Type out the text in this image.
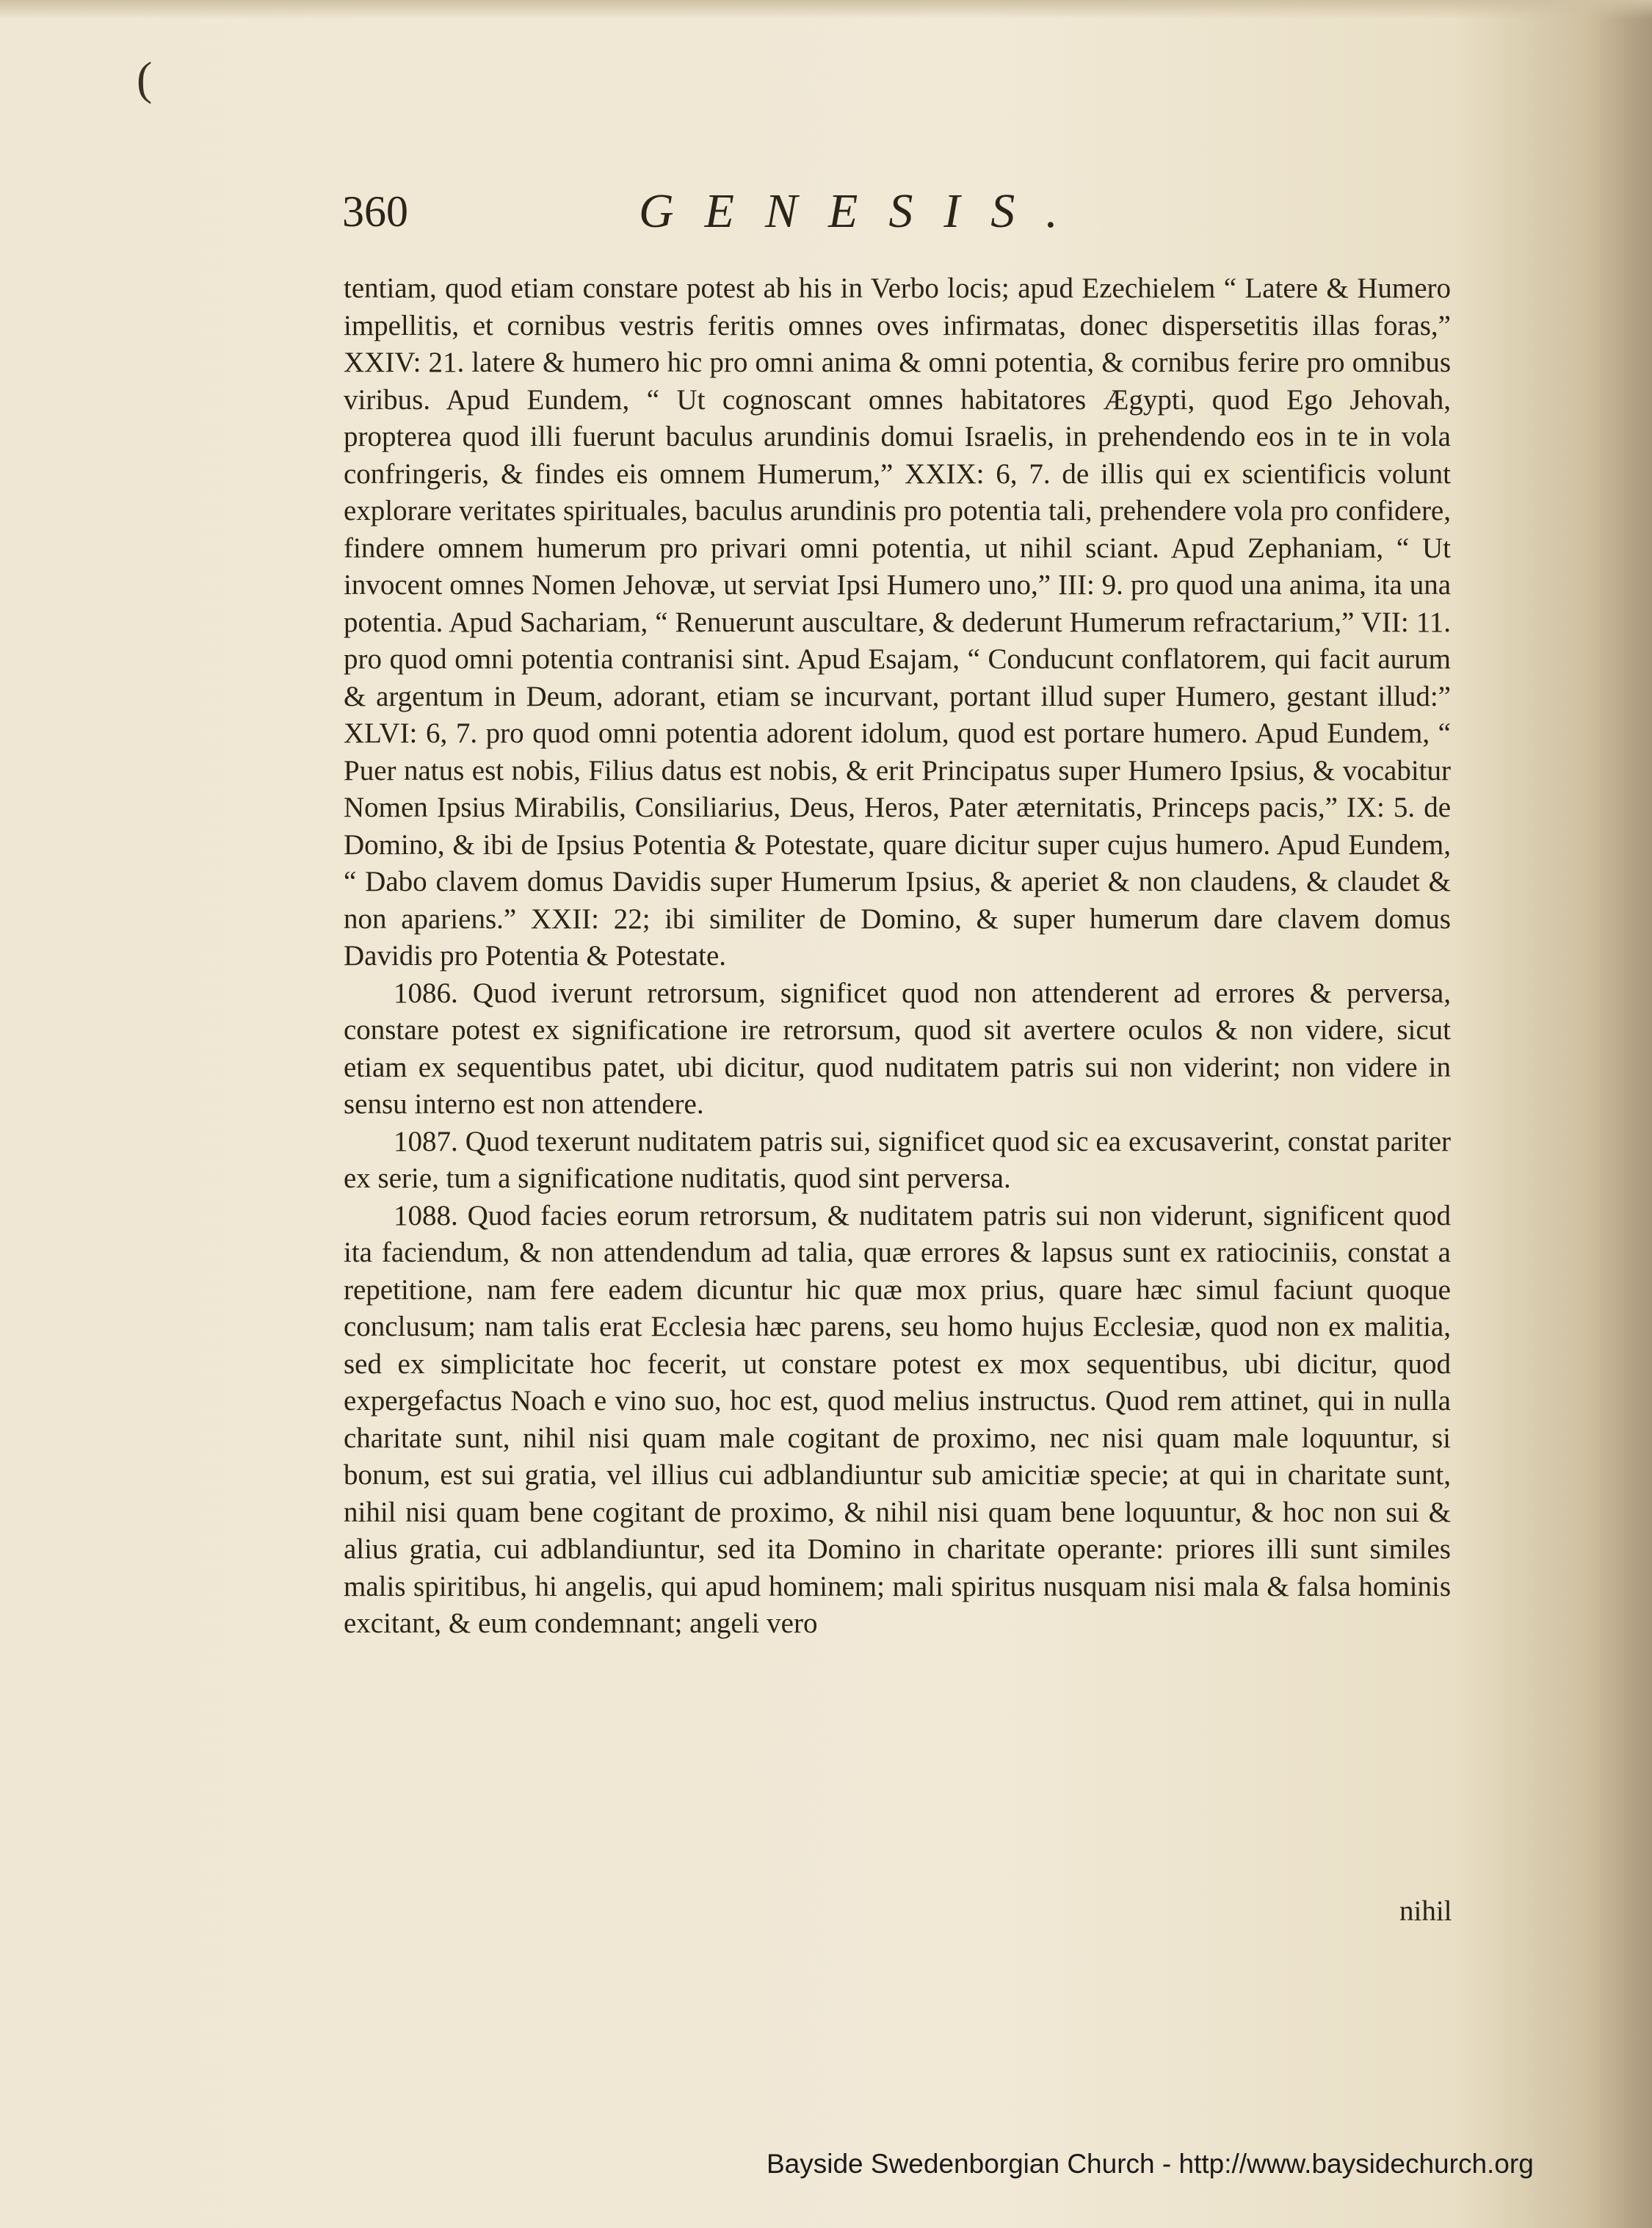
(
360	GENESIS.

tentiam, quod etiam constare potest ab his in Verbo locis; apud Ezechielem “ Latere & Humero impellitis, et cornibus vestris feritis omnes oves infirmatas, donec dispersetitis illas foras,” XXIV: 21. latere & humero hic pro omni anima & omni potentia, & cornibus ferire pro omnibus viribus. Apud Eundem, “ Ut cognoscant omnes habitatores Ægypti, quod Ego Jehovah, propterea quod illi fuerunt baculus arundinis domui Israelis, in prehendendo eos in te in vola confringeris, & findes eis omnem Humerum,” XXIX: 6, 7. de illis qui ex scientificis volunt explorare veritates spirituales, baculus arundinis pro potentia tali, prehendere vola pro confidere, findere omnem humerum pro privari omni potentia, ut nihil sciant. Apud Zephaniam, “ Ut invocent omnes Nomen Jehovæ, ut serviat Ipsi Humero uno,” III: 9. pro quod una anima, ita una potentia. Apud Sachariam, “ Renuerunt auscultare, & dederunt Humerum refractarium,” VII: 11. pro quod omni potentia contranisi sint. Apud Esajam, “ Conducunt conflatorem, qui facit aurum & argentum in Deum, adorant, etiam se incurvant, portant illud super Humero, gestant illud:” XLVI: 6, 7. pro quod omni potentia adorent idolum, quod est portare humero. Apud Eundem, “ Puer natus est nobis, Filius datus est nobis, & erit Principatus super Humero Ipsius, & vocabitur Nomen Ipsius Mirabilis, Consiliarius, Deus, Heros, Pater æternitatis, Princeps pacis,” IX: 5. de Domino, & ibi de Ipsius Potentia & Potestate, quare dicitur super cujus humero. Apud Eundem, “ Dabo clavem domus Davidis super Humerum Ipsius, & aperiet & non claudens, & claudet & non apariens.” XXII: 22; ibi similiter de Domino, & super humerum dare clavem domus Davidis pro Potentia & Potestate.

1086. Quod iverunt retrorsum, significet quod non attenderent ad errores & perversa, constare potest ex significatione ire retrorsum, quod sit avertere oculos & non videre, sicut etiam ex sequentibus patet, ubi dicitur, quod nuditatem patris sui non viderint; non videre in sensu interno est non attendere.

1087. Quod texerunt nuditatem patris sui, significet quod sic ea excusaverint, constat pariter ex serie, tum a significatione nuditatis, quod sint perversa.

1088. Quod facies eorum retrorsum, & nuditatem patris sui non viderunt, significent quod ita faciendum, & non attendendum ad talia, quæ errores & lapsus sunt ex ratiociniis, constat a repetitione, nam fere eadem dicuntur hic quæ mox prius, quare hæc simul faciunt quoque conclusum; nam talis erat Ecclesia hæc parens, seu homo hujus Ecclesiæ, quod non ex malitia, sed ex simplicitate hoc fecerit, ut constare potest ex mox sequentibus, ubi dicitur, quod expergefactus Noach e vino suo, hoc est, quod melius instructus. Quod rem attinet, qui in nulla charitate sunt, nihil nisi quam male cogitant de proximo, nec nisi quam male loquuntur, si bonum, est sui gratia, vel illius cui adblandiuntur sub amicitiæ specie; at qui in charitate sunt, nihil nisi quam bene cogitant de proximo, & nihil nisi quam bene loquuntur, & hoc non sui & alius gratia, cui adblandiuntur, sed ita Domino in charitate operante: priores illi sunt similes malis spiritibus, hi angelis, qui apud hominem; mali spiritus nusquam nisi mala & falsa hominis excitant, & eum condemnant; angeli vero

nihil
Bayside Swedenborgian Church - http://www.baysidechurch.org
